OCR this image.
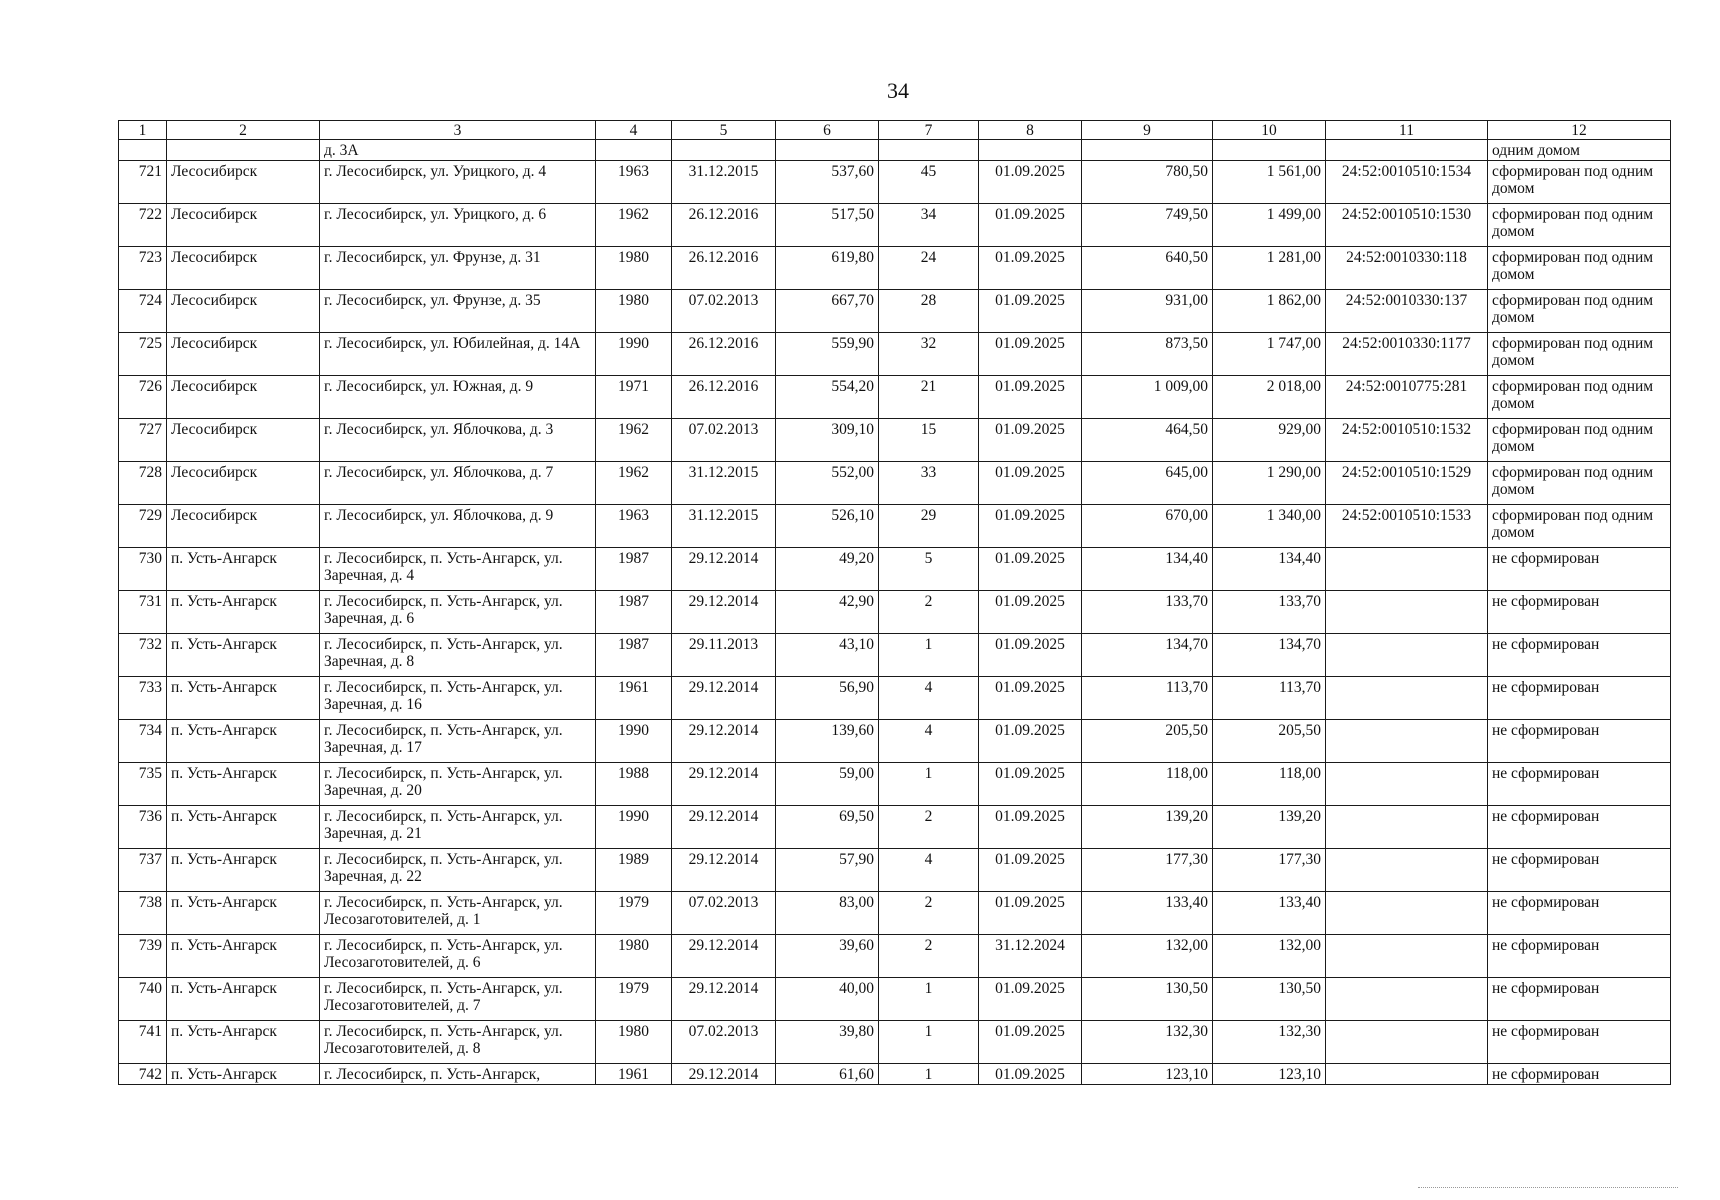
34
1	2	3	4	5	6	7	8	9	10	11	12
		д. 3А									одним домом
721	Лесосибирск	г. Лесосибирск, ул. Урицкого, д. 4	1963	31.12.2015	537,60	45	01.09.2025	780,50	1 561,00	24:52:0010510:1534	сформирован под одним домом
722	Лесосибирск	г. Лесосибирск, ул. Урицкого, д. 6	1962	26.12.2016	517,50	34	01.09.2025	749,50	1 499,00	24:52:0010510:1530	сформирован под одним домом
723	Лесосибирск	г. Лесосибирск, ул. Фрунзе, д. 31	1980	26.12.2016	619,80	24	01.09.2025	640,50	1 281,00	24:52:0010330:118	сформирован под одним домом
724	Лесосибирск	г. Лесосибирск, ул. Фрунзе, д. 35	1980	07.02.2013	667,70	28	01.09.2025	931,00	1 862,00	24:52:0010330:137	сформирован под одним домом
725	Лесосибирск	г. Лесосибирск, ул. Юбилейная, д. 14А	1990	26.12.2016	559,90	32	01.09.2025	873,50	1 747,00	24:52:0010330:1177	сформирован под одним домом
726	Лесосибирск	г. Лесосибирск, ул. Южная, д. 9	1971	26.12.2016	554,20	21	01.09.2025	1 009,00	2 018,00	24:52:0010775:281	сформирован под одним домом
727	Лесосибирск	г. Лесосибирск, ул. Яблочкова, д. 3	1962	07.02.2013	309,10	15	01.09.2025	464,50	929,00	24:52:0010510:1532	сформирован под одним домом
728	Лесосибирск	г. Лесосибирск, ул. Яблочкова, д. 7	1962	31.12.2015	552,00	33	01.09.2025	645,00	1 290,00	24:52:0010510:1529	сформирован под одним домом
729	Лесосибирск	г. Лесосибирск, ул. Яблочкова, д. 9	1963	31.12.2015	526,10	29	01.09.2025	670,00	1 340,00	24:52:0010510:1533	сформирован под одним домом
730	п. Усть-Ангарск	г. Лесосибирск, п. Усть-Ангарск, ул. Заречная, д. 4	1987	29.12.2014	49,20	5	01.09.2025	134,40	134,40		не сформирован
731	п. Усть-Ангарск	г. Лесосибирск, п. Усть-Ангарск, ул. Заречная, д. 6	1987	29.12.2014	42,90	2	01.09.2025	133,70	133,70		не сформирован
732	п. Усть-Ангарск	г. Лесосибирск, п. Усть-Ангарск, ул. Заречная, д. 8	1987	29.11.2013	43,10	1	01.09.2025	134,70	134,70		не сформирован
733	п. Усть-Ангарск	г. Лесосибирск, п. Усть-Ангарск, ул. Заречная, д. 16	1961	29.12.2014	56,90	4	01.09.2025	113,70	113,70		не сформирован
734	п. Усть-Ангарск	г. Лесосибирск, п. Усть-Ангарск, ул. Заречная, д. 17	1990	29.12.2014	139,60	4	01.09.2025	205,50	205,50		не сформирован
735	п. Усть-Ангарск	г. Лесосибирск, п. Усть-Ангарск, ул. Заречная, д. 20	1988	29.12.2014	59,00	1	01.09.2025	118,00	118,00		не сформирован
736	п. Усть-Ангарск	г. Лесосибирск, п. Усть-Ангарск, ул. Заречная, д. 21	1990	29.12.2014	69,50	2	01.09.2025	139,20	139,20		не сформирован
737	п. Усть-Ангарск	г. Лесосибирск, п. Усть-Ангарск, ул. Заречная, д. 22	1989	29.12.2014	57,90	4	01.09.2025	177,30	177,30		не сформирован
738	п. Усть-Ангарск	г. Лесосибирск, п. Усть-Ангарск, ул. Лесозаготовителей, д. 1	1979	07.02.2013	83,00	2	01.09.2025	133,40	133,40		не сформирован
739	п. Усть-Ангарск	г. Лесосибирск, п. Усть-Ангарск, ул. Лесозаготовителей, д. 6	1980	29.12.2014	39,60	2	31.12.2024	132,00	132,00		не сформирован
740	п. Усть-Ангарск	г. Лесосибирск, п. Усть-Ангарск, ул. Лесозаготовителей, д. 7	1979	29.12.2014	40,00	1	01.09.2025	130,50	130,50		не сформирован
741	п. Усть-Ангарск	г. Лесосибирск, п. Усть-Ангарск, ул. Лесозаготовителей, д. 8	1980	07.02.2013	39,80	1	01.09.2025	132,30	132,30		не сформирован
742	п. Усть-Ангарск	г. Лесосибирск, п. Усть-Ангарск,	1961	29.12.2014	61,60	1	01.09.2025	123,10	123,10		не сформирован
